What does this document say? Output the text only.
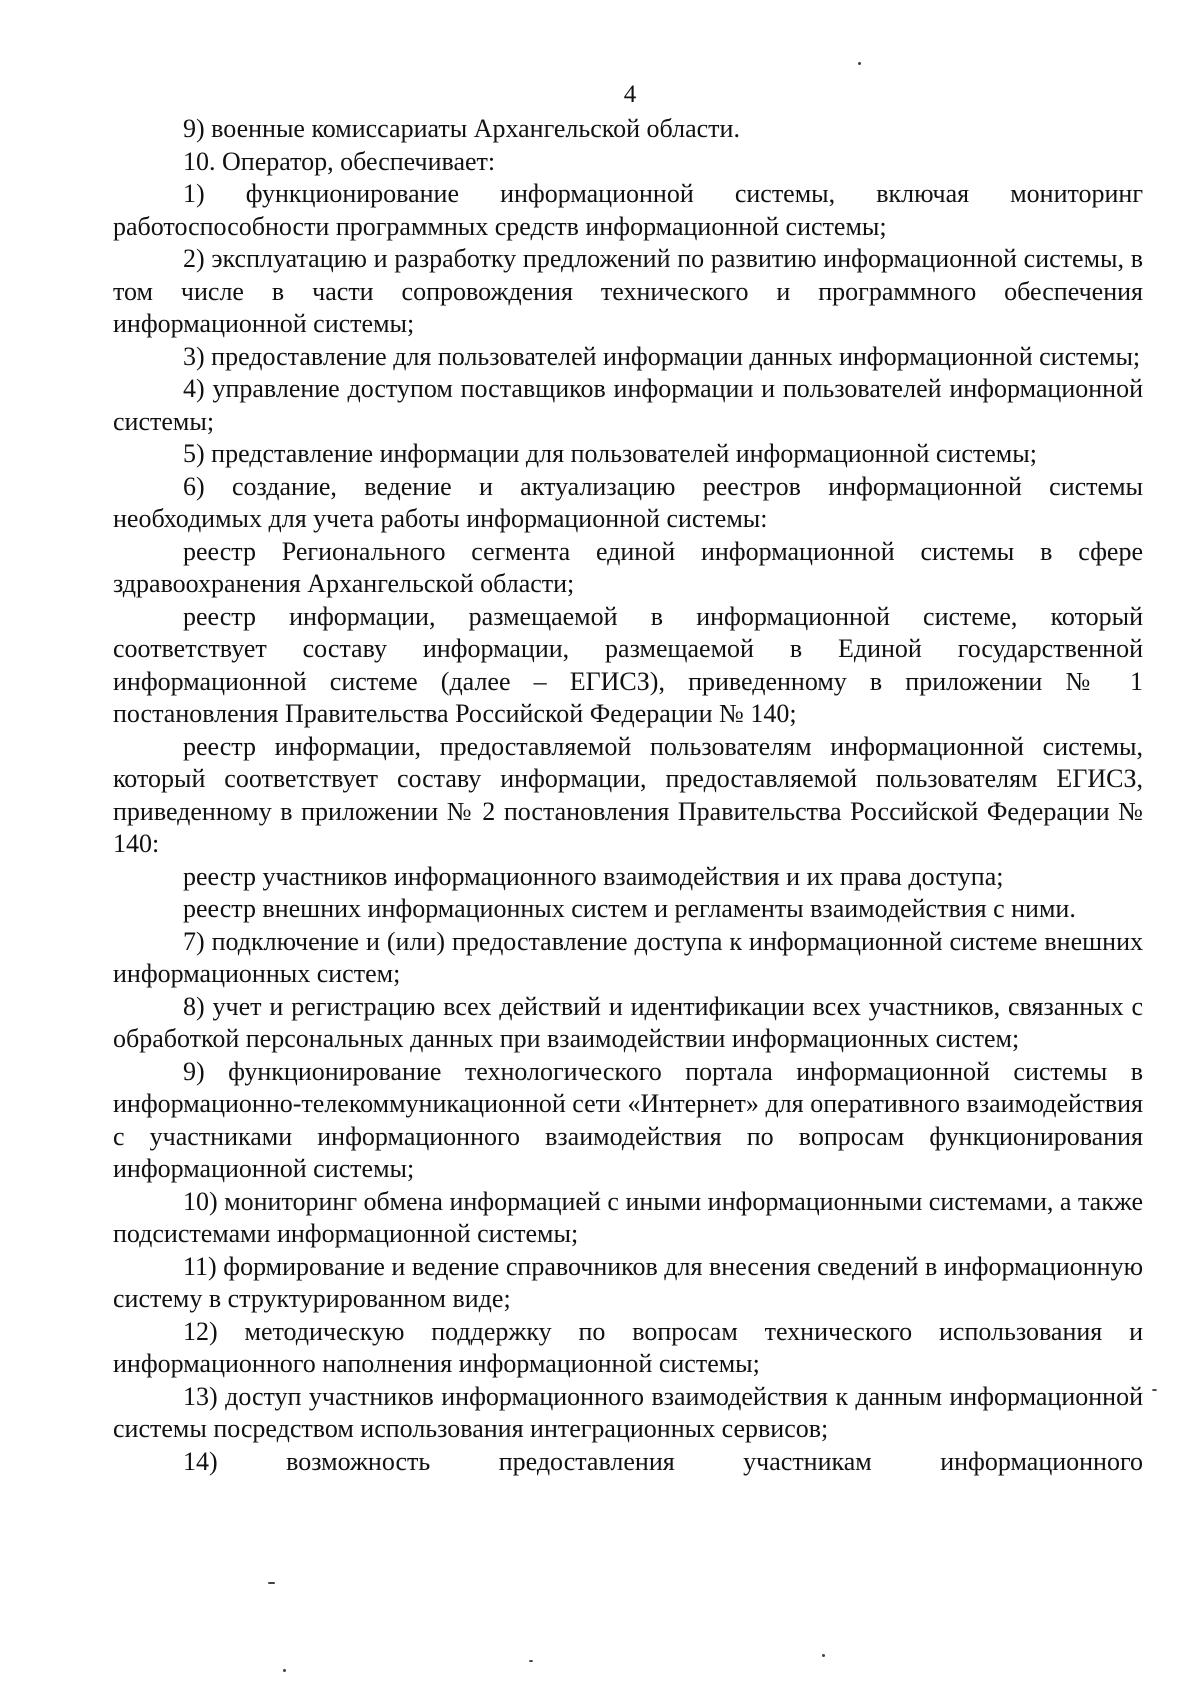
4

9) военные комиссариаты Архангельской области.

10. Оператор, обеспечивает:

1) функционирование информационной системы, включая мониторинг работоспособности программных средств информационной системы;

2) эксплуатацию и разработку предложений по развитию информационной системы, в том числе в части сопровождения технического и программного обеспечения информационной системы;

3) предоставление для пользователей информации данных информационной системы;

4) управление доступом поставщиков информации и пользователей информационной системы;

5) представление информации для пользователей информационной системы;

6) создание, ведение и актуализацию реестров информационной системы необходимых для учета работы информационной системы:

реестр Регионального сегмента единой информационной системы в сфере здравоохранения Архангельской области;

реестр информации, размещаемой в информационной системе, который соответствует составу информации, размещаемой в Единой государственной информационной системе (далее – ЕГИСЗ), приведенному в приложении № 1 постановления Правительства Российской Федерации № 140;

реестр информации, предоставляемой пользователям информационной системы, который соответствует составу информации, предоставляемой пользователям ЕГИСЗ, приведенному в приложении № 2 постановления Правительства Российской Федерации № 140:

реестр участников информационного взаимодействия и их права доступа;

реестр внешних информационных систем и регламенты взаимодействия с ними.

7) подключение и (или) предоставление доступа к информационной системе внешних информационных систем;

8) учет и регистрацию всех действий и идентификации всех участников, связанных с обработкой персональных данных при взаимодействии информационных систем;

9) функционирование технологического портала информационной системы в информационно-телекоммуникационной сети «Интернет» для оперативного взаимодействия с участниками информационного взаимодействия по вопросам функционирования информационной системы;

10) мониторинг обмена информацией с иными информационными системами, а также подсистемами информационной системы;

11) формирование и ведение справочников для внесения сведений в информационную систему в структурированном виде;

12) методическую поддержку по вопросам технического использования и информационного наполнения информационной системы;

13) доступ участников информационного взаимодействия к данным информационной системы посредством использования интеграционных сервисов;

14) возможность предоставления участникам информационного
